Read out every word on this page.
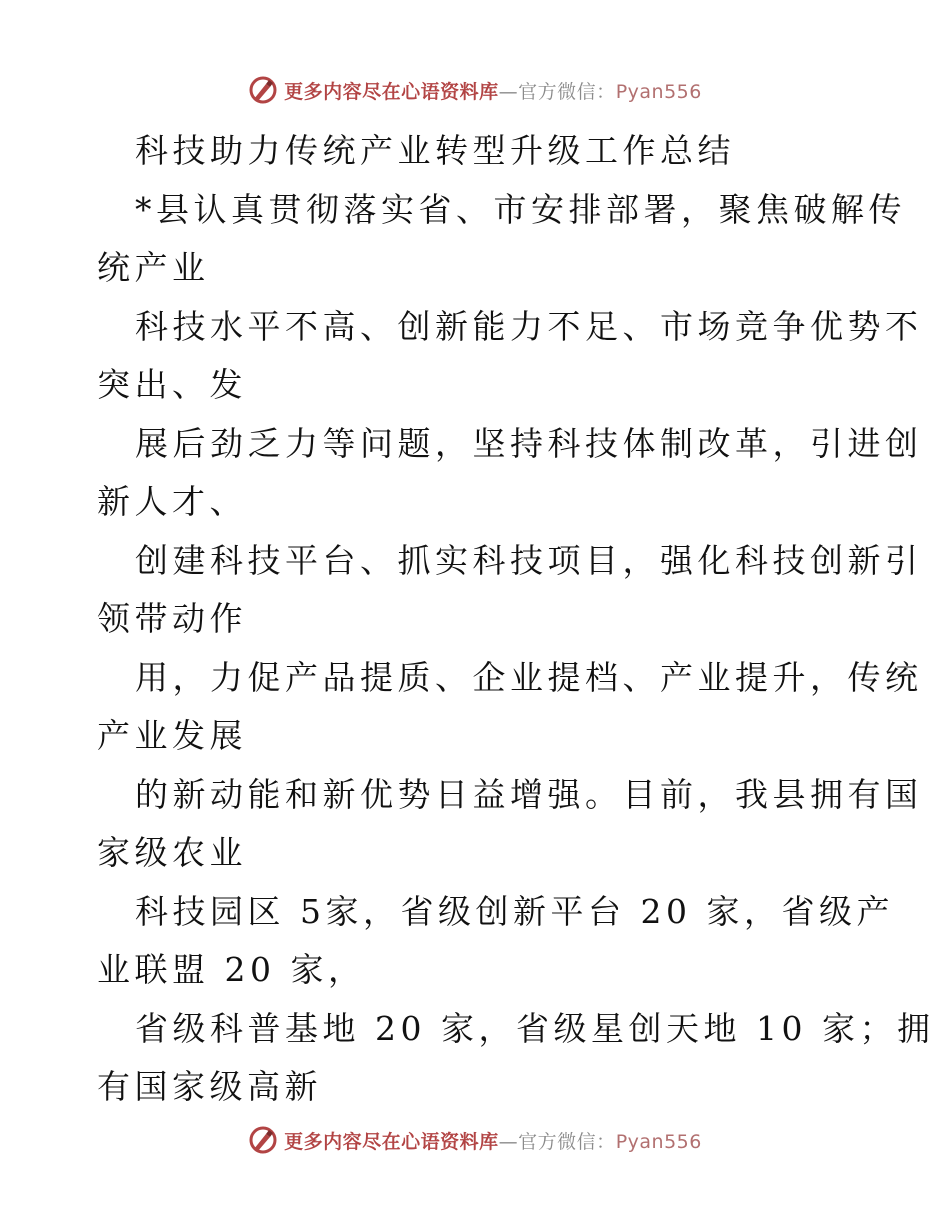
更多内容尽在心语资料库—官方微信：Pyan556
科技助力传统产业转型升级工作总结
*县认真贯彻落实省、市安排部署，聚焦破解传
统产业
科技水平不高、创新能力不足、市场竞争优势不
突出、发
展后劲乏力等问题，坚持科技体制改革，引进创
新人才、
创建科技平台、抓实科技项目，强化科技创新引
领带动作
用，力促产品提质、企业提档、产业提升，传统
产业发展
的新动能和新优势日益增强。目前，我县拥有国
家级农业
科技园区 5家，省级创新平台 20 家，省级产
业联盟 20 家，
省级科普基地 20 家，省级星创天地 10 家；拥
有国家级高新
更多内容尽在心语资料库—官方微信：Pyan556
